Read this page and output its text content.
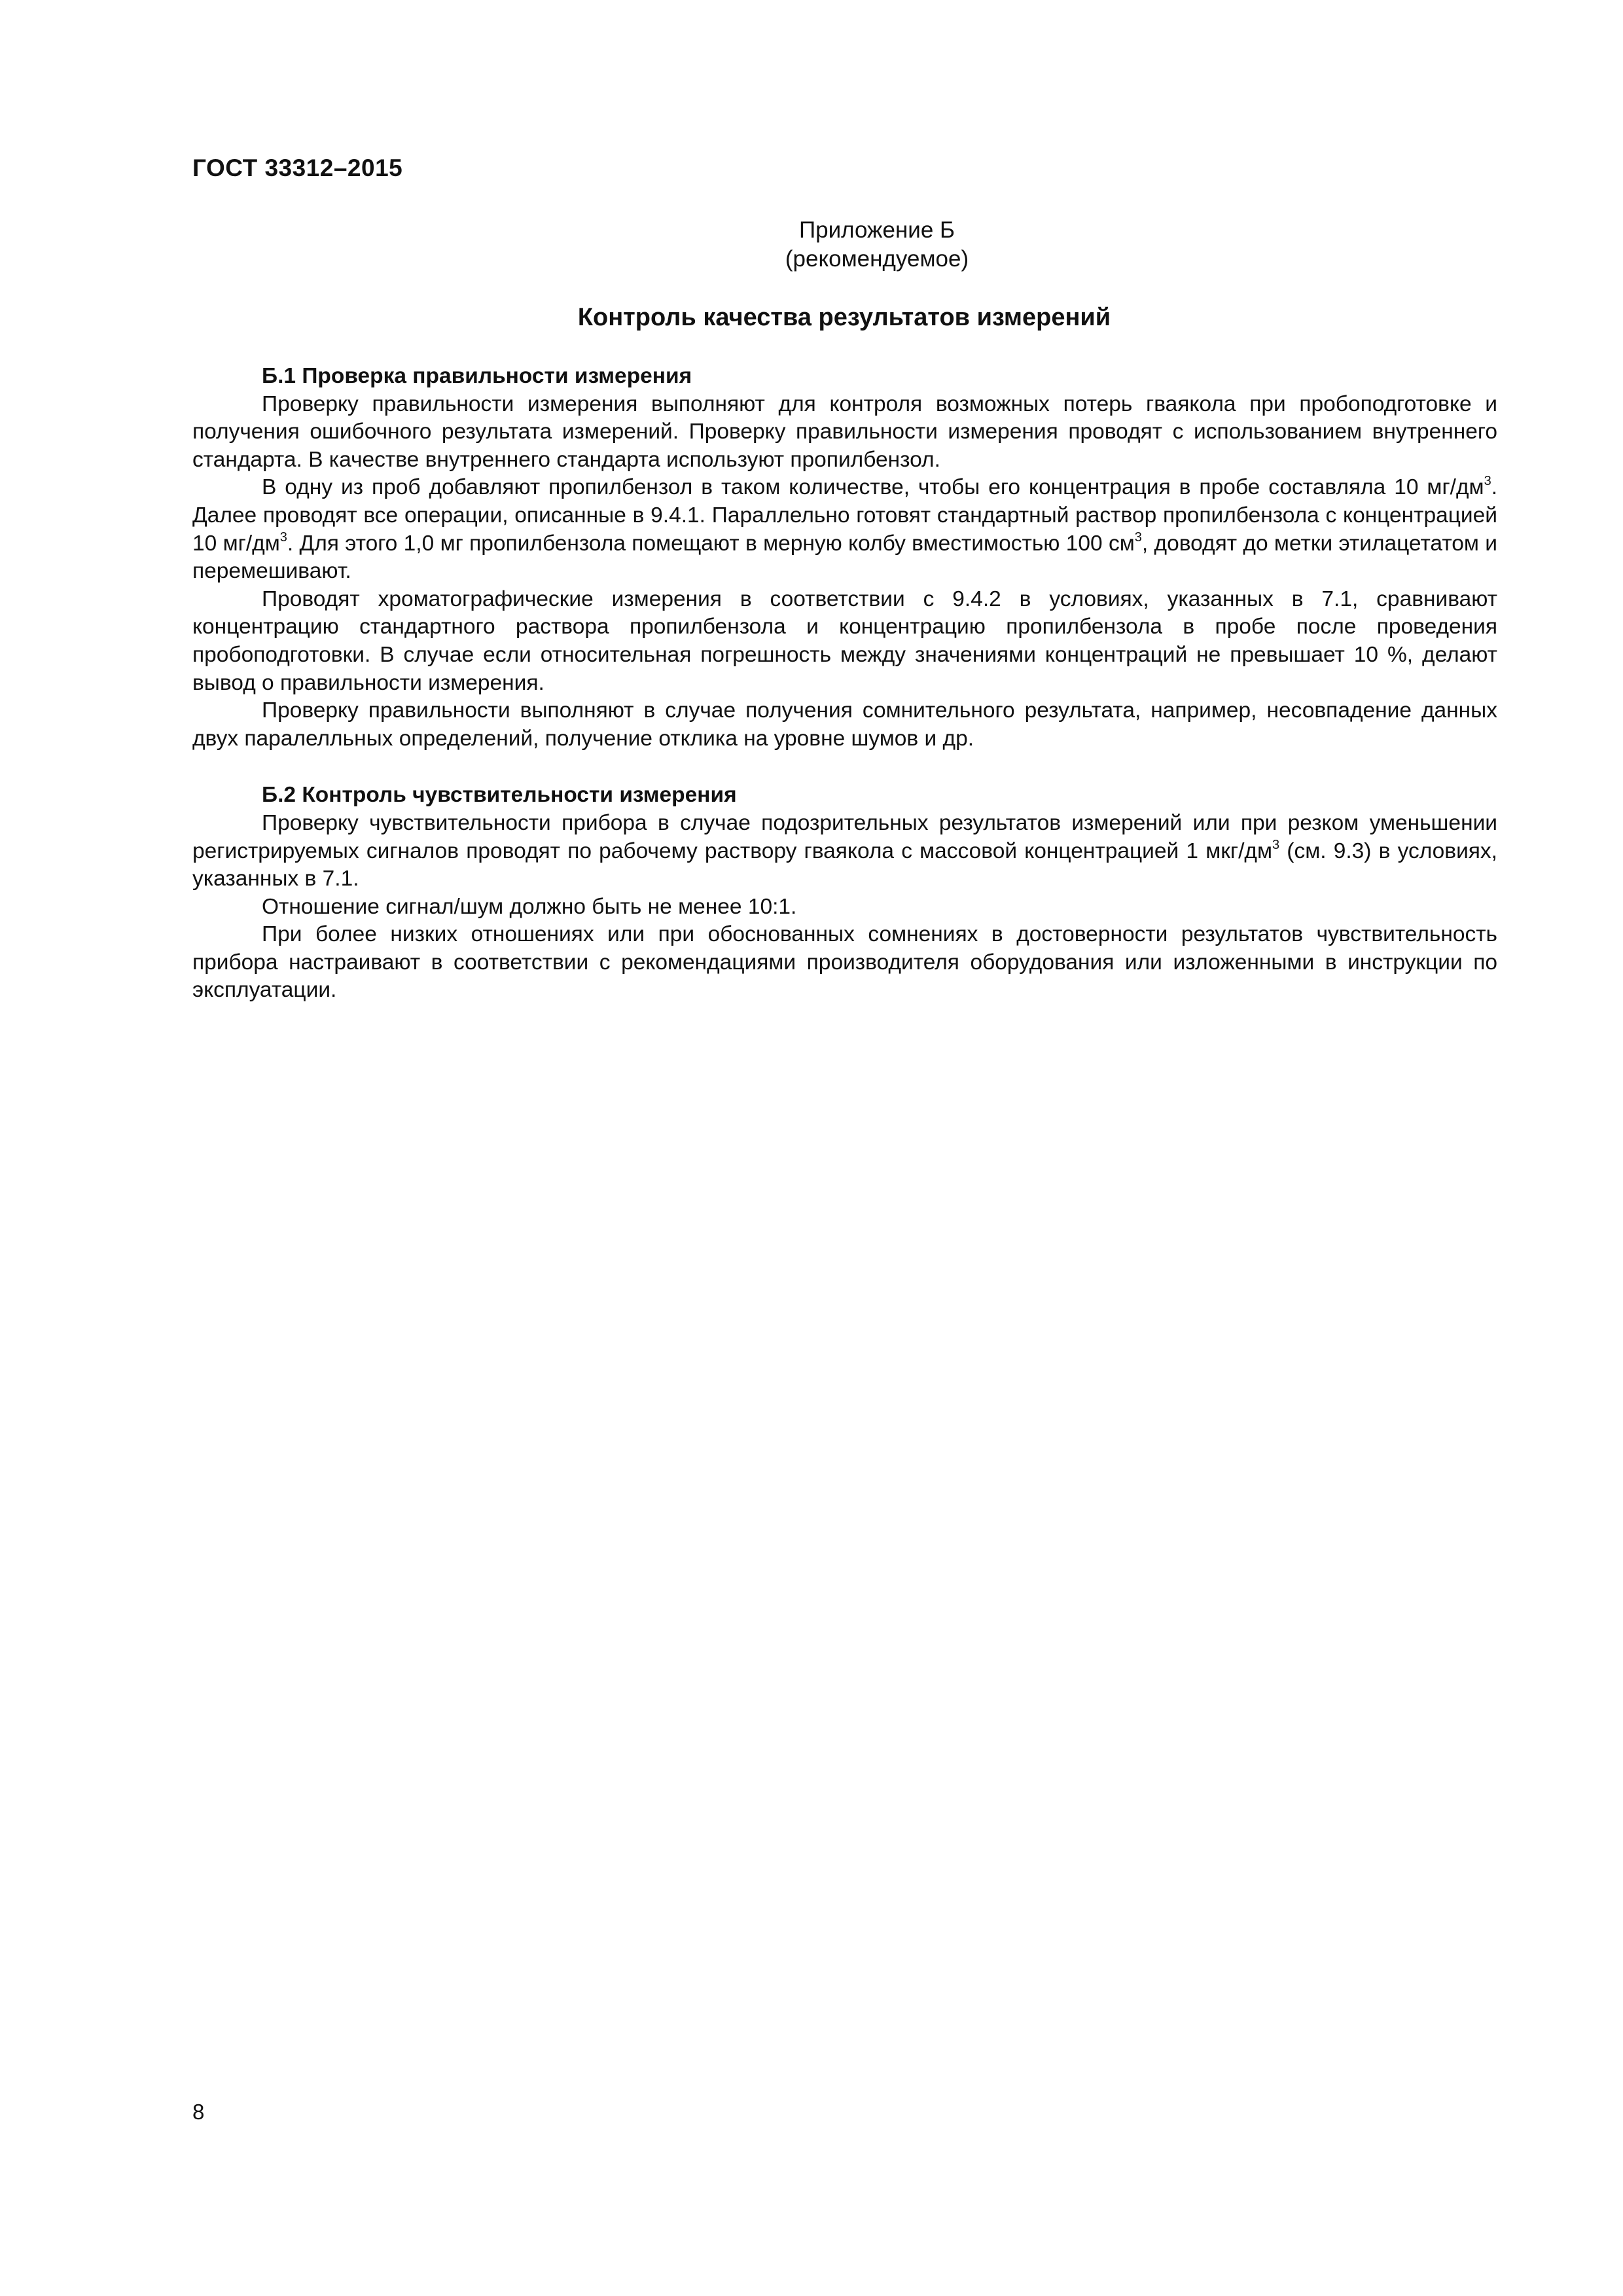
ГОСТ 33312–2015
Приложение Б
(рекомендуемое)
Контроль качества результатов измерений

Б.1 Проверка правильности измерения

Проверку правильности измерения выполняют для контроля возможных потерь гваякола при пробоподготовке и получения ошибочного результата измерений. Проверку правильности измерения проводят с использованием внутреннего стандарта. В качестве внутреннего стандарта используют пропилбензол.

В одну из проб добавляют пропилбензол в таком количестве, чтобы его концентрация в пробе составляла 10 $мг/дм^3$. Далее проводят все операции, описанные в 9.4.1. Параллельно готовят стандартный раствор пропилбензола с концентрацией 10 $мг/дм^3$. Для этого 1,0 мг пропилбензола помещают в мерную колбу вместимостью 100 $см^3$, доводят до метки этилацетатом и перемешивают.

Проводят хроматографические измерения в соответствии с 9.4.2 в условиях, указанных в 7.1, сравнивают концентрацию стандартного раствора пропилбензола и концентрацию пропилбензола в пробе после проведения пробоподготовки. В случае если относительная погрешность между значениями концентраций не превышает 10 %, делают вывод о правильности измерения.

Проверку правильности выполняют в случае получения сомнительного результата, например, несовпадение данных двух паралелльных определений, получение отклика на уровне шумов и др.

Б.2 Контроль чувствительности измерения

Проверку чувствительности прибора в случае подозрительных результатов измерений или при резком уменьшении регистрируемых сигналов проводят по рабочему раствору гваякола с массовой концентрацией 1 мкг/$дм^3$ (см. 9.3) в условиях, указанных в 7.1.

Отношение сигнал/шум должно быть не менее 10:1.

При более низких отношениях или при обоснованных сомнениях в достоверности результатов чувствительность прибора настраивают в соответствии с рекомендациями производителя оборудования или изложенными в инструкции по эксплуатации.

8
